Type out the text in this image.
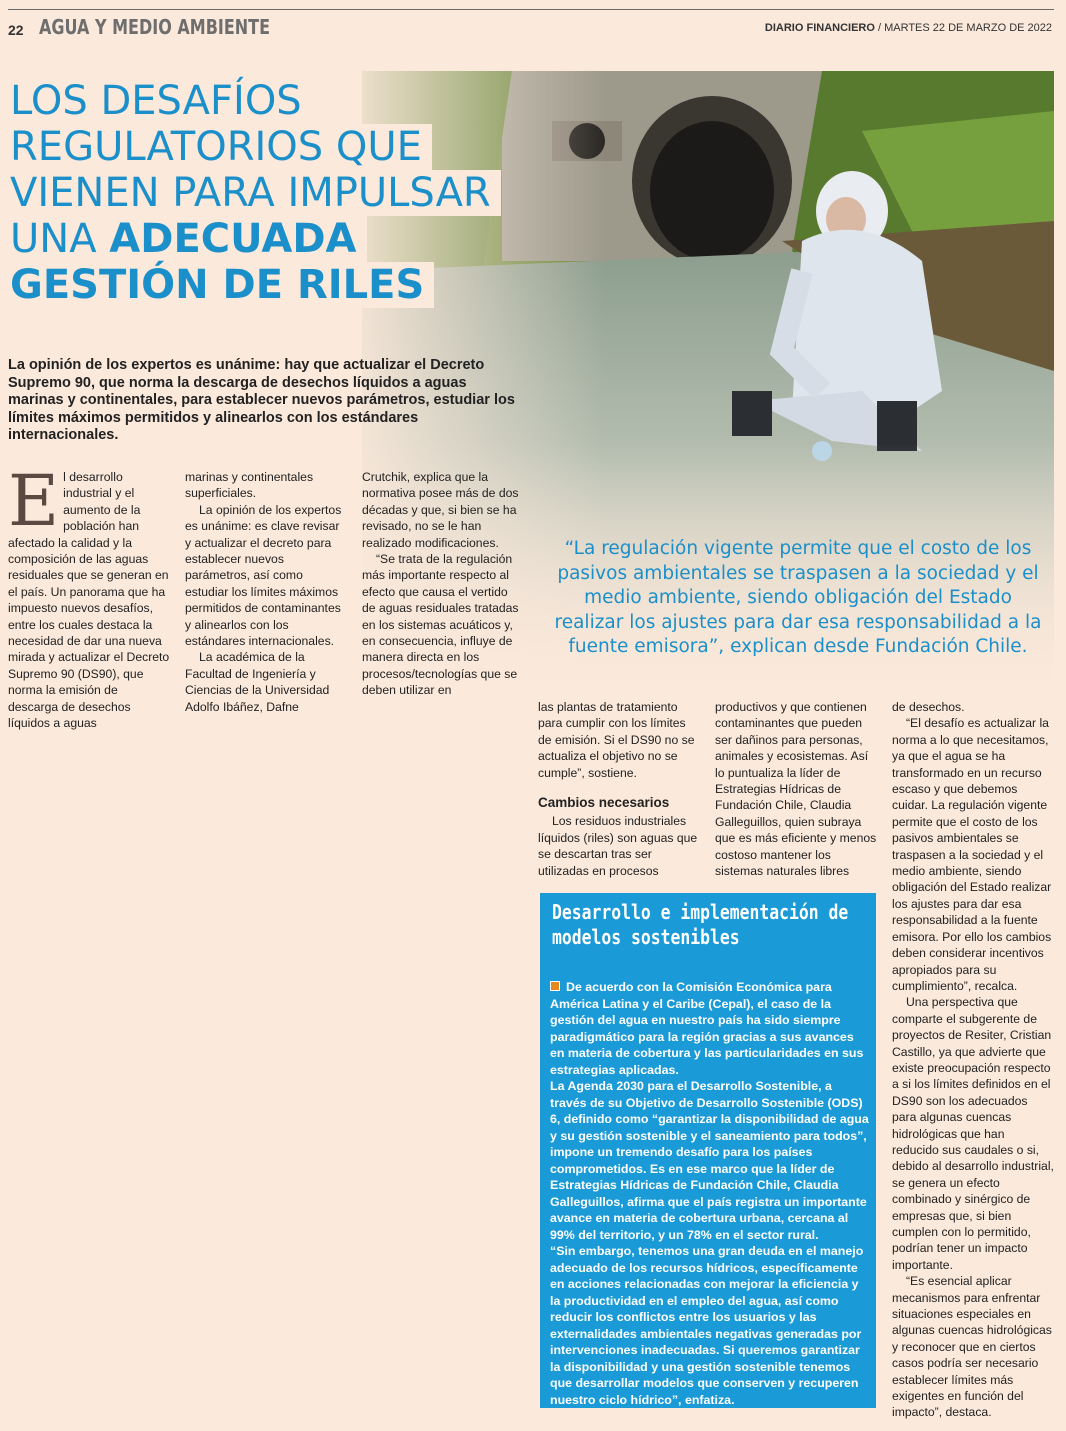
22 AGUA Y MEDIO AMBIENTE	DIARIO FINANCIERO / MARTES 22 DE MARZO DE 2022
LOS DESAFÍOS
REGULATORIOS QUE
VIENEN PARA IMPULSAR
UNA ADECUADA
GESTIÓN DE RILES
La opinión de los expertos es unánime: hay que actualizar el Decreto Supremo 90, que norma la descarga de desechos líquidos a aguas marinas y continentales, para establecer nuevos parámetros, estudiar los límites máximos permitidos y alinearlos con los estándares internacionales.

El desarrollo industrial y el aumento de la población han afectado la calidad y la composición de las aguas residuales que se generan en el país. Un panorama que ha impuesto nuevos desafíos, entre los cuales destaca la necesidad de dar una nueva mirada y actualizar el Decreto Supremo 90 (DS90), que norma la emisión de descarga de desechos líquidos a aguas

marinas y continentales superficiales.

La opinión de los expertos es unánime: es clave revisar y actualizar el decreto para establecer nuevos parámetros, así como estudiar los límites máximos permitidos de contaminantes y alinearlos con los estándares internacionales.

La académica de la Facultad de Ingeniería y Ciencias de la Universidad Adolfo Ibáñez, Dafne

Crutchik, explica que la normativa posee más de dos décadas y que, si bien se ha revisado, no se le han realizado modificaciones.

“Se trata de la regulación más importante respecto al efecto que causa el vertido de aguas residuales tratadas en los sistemas acuáticos y, en consecuencia, influye de manera directa en los procesos/tecnologías que se deben utilizar en

“La regulación vigente permite que el costo de los pasivos ambientales se traspasen a la sociedad y el medio ambiente, siendo obligación del Estado realizar los ajustes para dar esa responsabilidad a la fuente emisora”, explican desde Fundación Chile.

las plantas de tratamiento para cumplir con los límites de emisión. Si el DS90 no se actualiza el objetivo no se cumple”, sostiene.

Cambios necesarios

Los residuos industriales líquidos (riles) son aguas que se descartan tras ser utilizadas en procesos

productivos y que contienen contaminantes que pueden ser dañinos para personas, animales y ecosistemas. Así lo puntualiza la líder de Estrategias Hídricas de Fundación Chile, Claudia Galleguillos, quien subraya que es más eficiente y menos costoso mantener los sistemas naturales libres

de desechos.

“El desafío es actualizar la norma a lo que necesitamos, ya que el agua se ha transformado en un recurso escaso y que debemos cuidar. La regulación vigente permite que el costo de los pasivos ambientales se traspasen a la sociedad y el medio ambiente, siendo obligación del Estado realizar los ajustes para dar esa responsabilidad a la fuente emisora. Por ello los cambios deben considerar incentivos apropiados para su cumplimiento”, recalca.

Una perspectiva que comparte el subgerente de proyectos de Resiter, Cristian Castillo, ya que advierte que existe preocupación respecto a si los límites definidos en el DS90 son los adecuados para algunas cuencas hidrológicas que han reducido sus caudales o si, debido al desarrollo industrial, se genera un efecto combinado y sinérgico de empresas que, si bien cumplen con lo permitido, podrían tener un impacto importante.

“Es esencial aplicar mecanismos para enfrentar situaciones especiales en algunas cuencas hidrológicas y reconocer que en ciertos casos podría ser necesario establecer límites más exigentes en función del impacto”, destaca.

Desarrollo e implementación de
modelos sostenibles

De acuerdo con la Comisión Económica para América Latina y el Caribe (Cepal), el caso de la gestión del agua en nuestro país ha sido siempre paradigmático para la región gracias a sus avances en materia de cobertura y las particularidades en sus estrategias aplicadas.

La Agenda 2030 para el Desarrollo Sostenible, a través de su Objetivo de Desarrollo Sostenible (ODS) 6, definido como “garantizar la disponibilidad de agua y su gestión sostenible y el saneamiento para todos”, impone un tremendo desafío para los países comprometidos. Es en ese marco que la líder de Estrategias Hídricas de Fundación Chile, Claudia Galleguillos, afirma que el país registra un importante avance en materia de cobertura urbana, cercana al 99% del territorio, y un 78% en el sector rural.

“Sin embargo, tenemos una gran deuda en el manejo adecuado de los recursos hídricos, específicamente en acciones relacionadas con mejorar la eficiencia y la productividad en el empleo del agua, así como reducir los conflictos entre los usuarios y las externalidades ambientales negativas generadas por intervenciones inadecuadas. Si queremos garantizar la disponibilidad y una gestión sostenible tenemos que desarrollar modelos que conserven y recuperen nuestro ciclo hídrico”, enfatiza.
